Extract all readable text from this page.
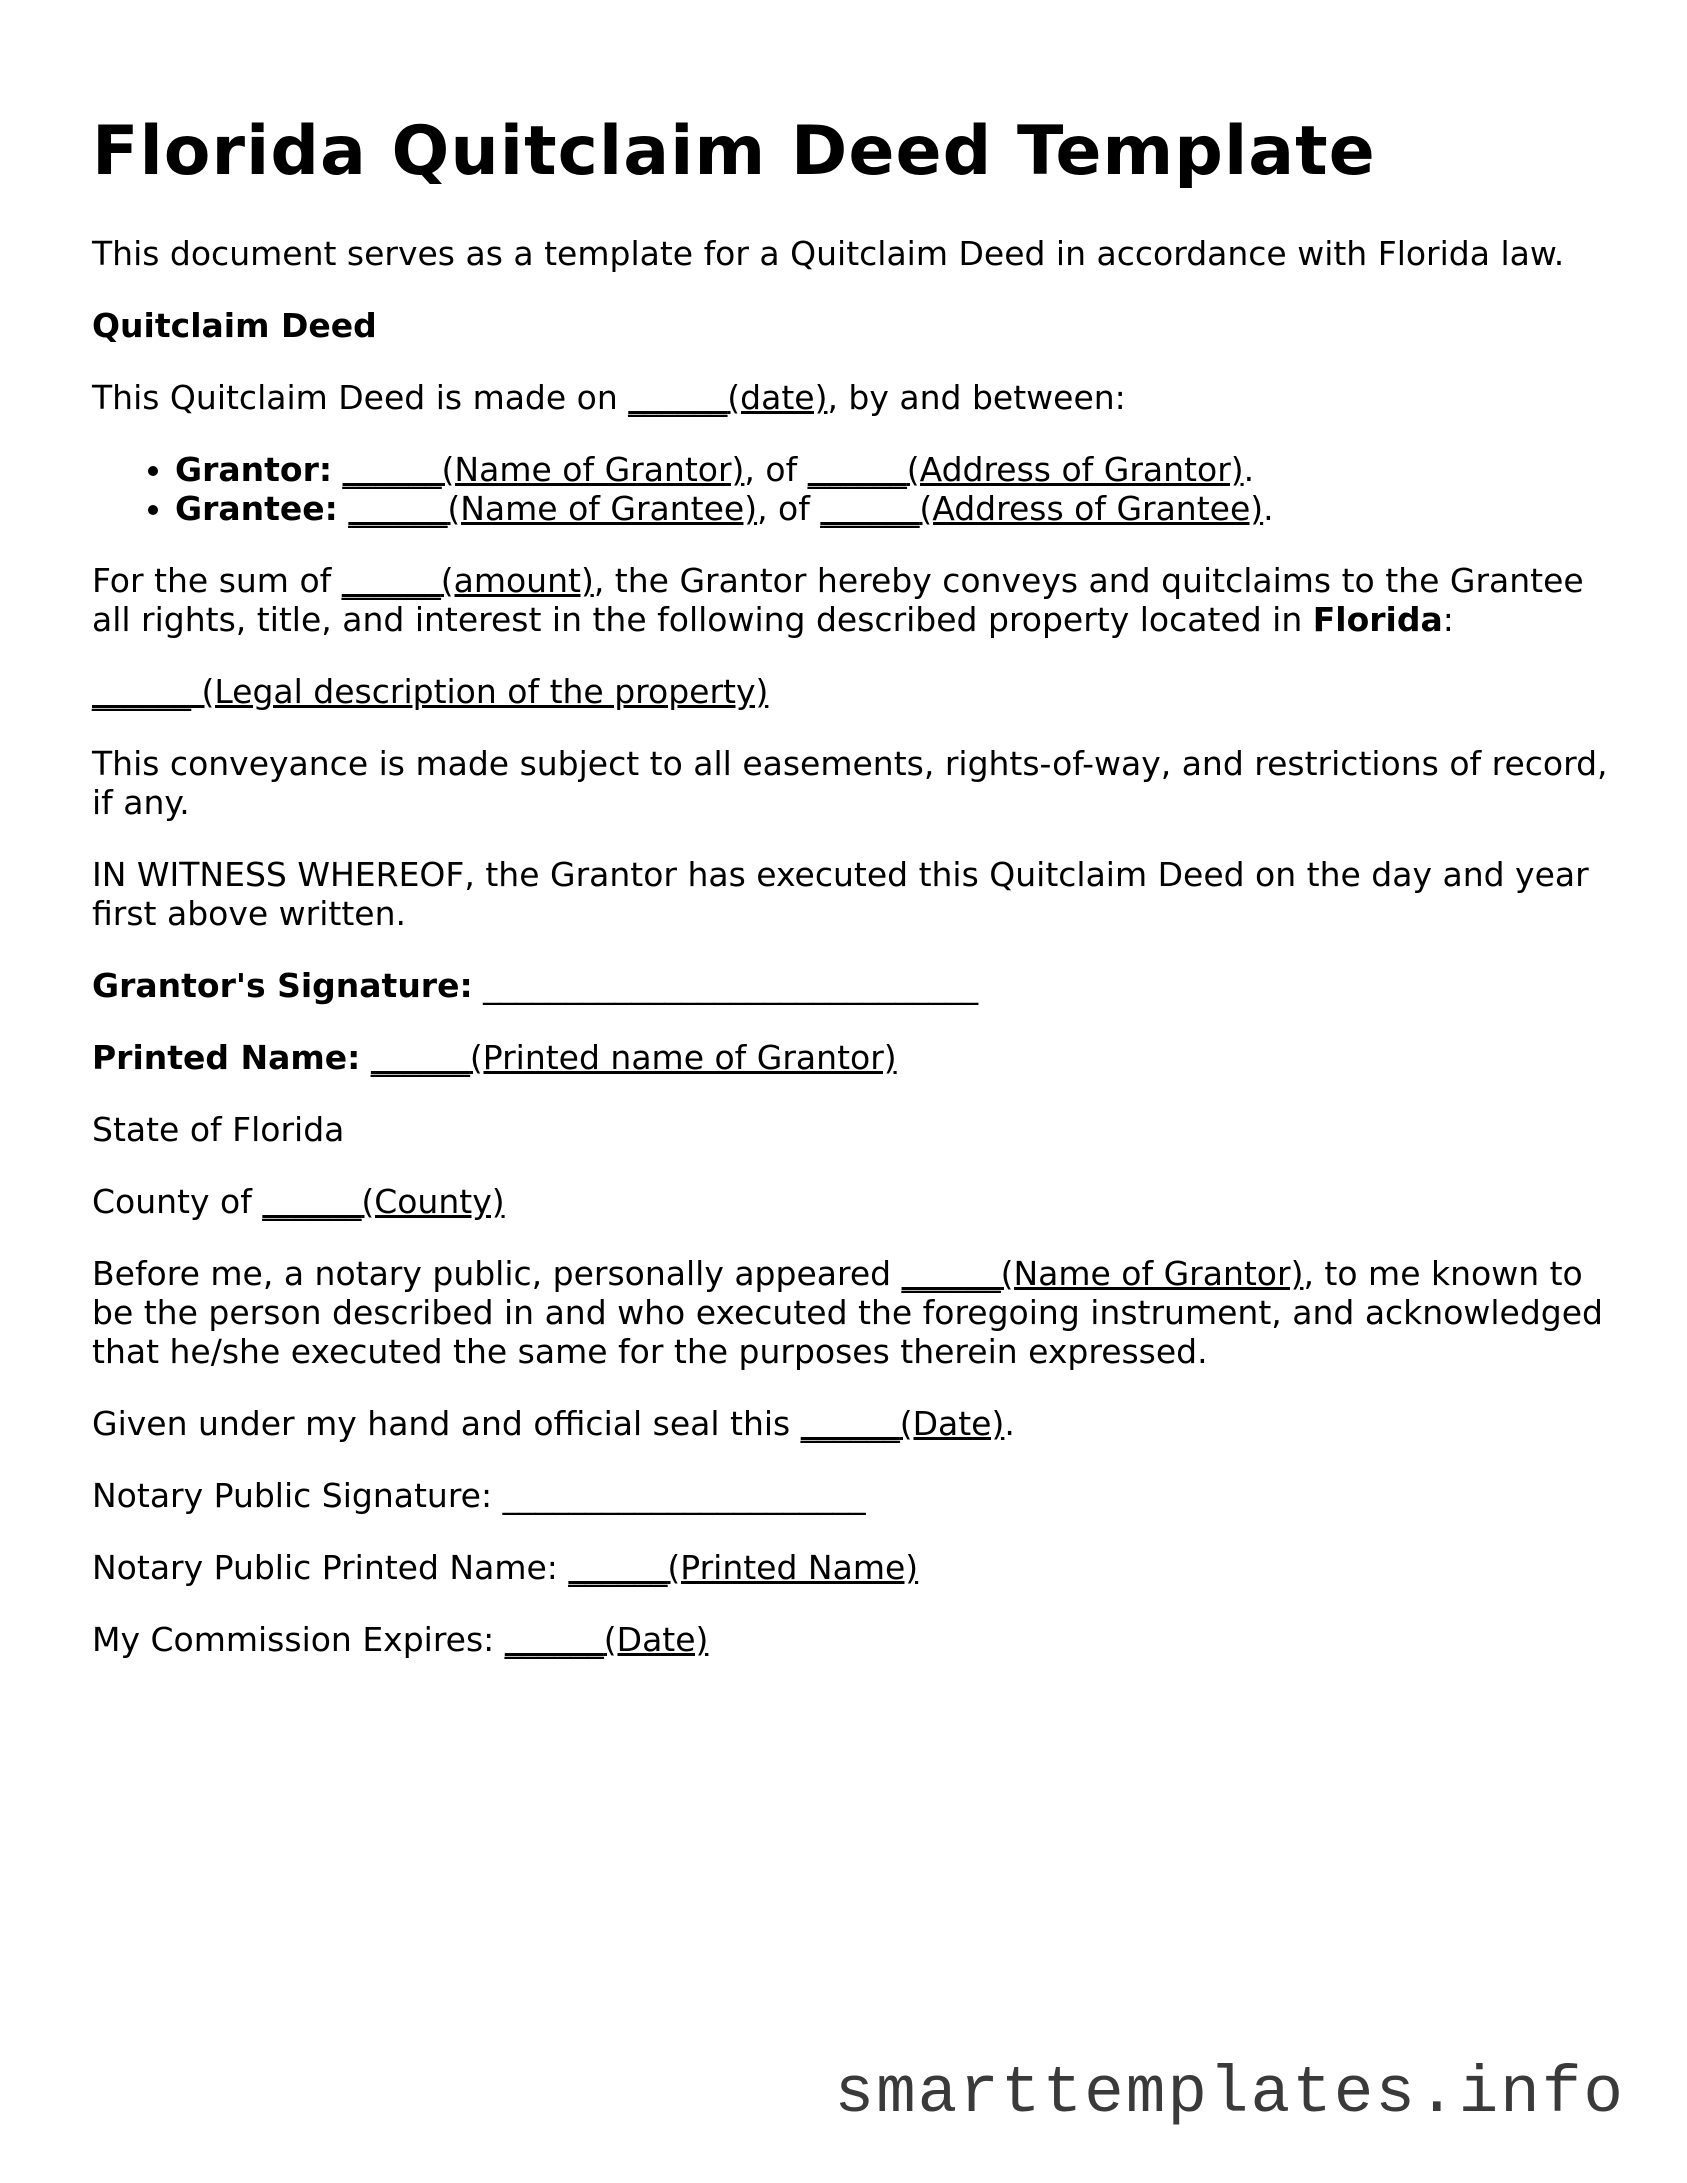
Florida Quitclaim Deed Template

This document serves as a template for a Quitclaim Deed in accordance with Florida law.

Quitclaim Deed

This Quitclaim Deed is made on ______(date), by and between:

• Grantor: ______(Name of Grantor), of ______(Address of Grantor).
• Grantee: ______(Name of Grantee), of ______(Address of Grantee).

For the sum of ______(amount), the Grantor hereby conveys and quitclaims to the Grantee all rights, title, and interest in the following described property located in Florida:

______ (Legal description of the property)

This conveyance is made subject to all easements, rights-of-way, and restrictions of record, if any.

IN WITNESS WHEREOF, the Grantor has executed this Quitclaim Deed on the day and year first above written.

Grantor's Signature: ______________________________

Printed Name: ______(Printed name of Grantor)

State of Florida

County of ______(County)

Before me, a notary public, personally appeared ______(Name of Grantor), to me known to be the person described in and who executed the foregoing instrument, and acknowledged that he/she executed the same for the purposes therein expressed.

Given under my hand and official seal this ______(Date).

Notary Public Signature: ______________________

Notary Public Printed Name: ______(Printed Name)

My Commission Expires: ______(Date)

smarttemplates.info
